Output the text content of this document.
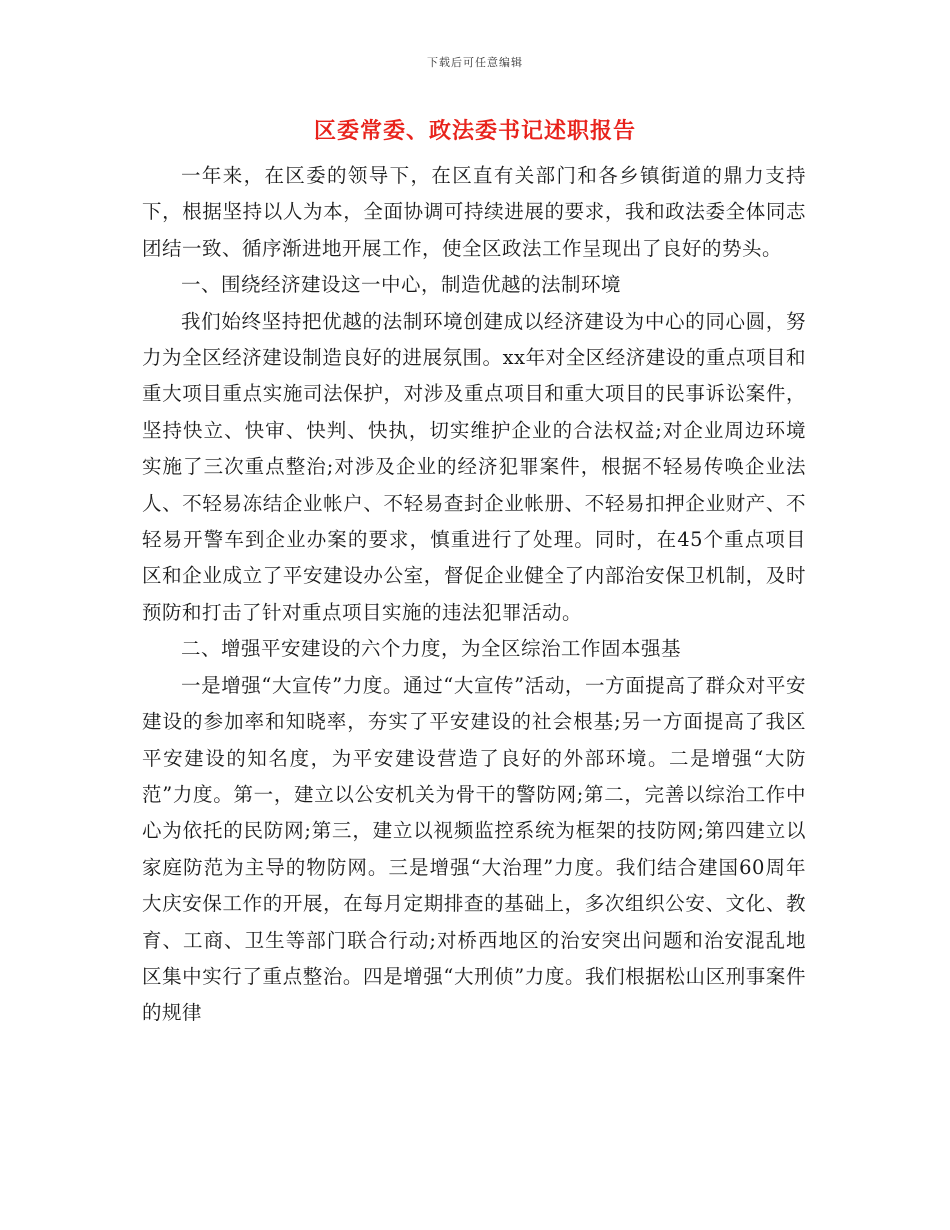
下载后可任意编辑
区委常委、政法委书记述职报告

一年来，在区委的领导下，在区直有关部门和各乡镇街道的鼎力支持下，根据坚持以人为本，全面协调可持续进展的要求，我和政法委全体同志团结一致、循序渐进地开展工作，使全区政法工作呈现出了良好的势头。

一、围绕经济建设这一中心，制造优越的法制环境

我们始终坚持把优越的法制环境创建成以经济建设为中心的同心圆，努力为全区经济建设制造良好的进展氛围。xx年对全区经济建设的重点项目和重大项目重点实施司法保护，对涉及重点项目和重大项目的民事诉讼案件，坚持快立、快审、快判、快执，切实维护企业的合法权益;对企业周边环境实施了三次重点整治;对涉及企业的经济犯罪案件，根据不轻易传唤企业法人、不轻易冻结企业帐户、不轻易查封企业帐册、不轻易扣押企业财产、不轻易开警车到企业办案的要求，慎重进行了处理。同时，在45个重点项目区和企业成立了平安建设办公室，督促企业健全了内部治安保卫机制，及时预防和打击了针对重点项目实施的违法犯罪活动。

二、增强平安建设的六个力度，为全区综治工作固本强基

一是增强“大宣传”力度。通过“大宣传”活动，一方面提高了群众对平安建设的参加率和知晓率，夯实了平安建设的社会根基;另一方面提高了我区平安建设的知名度，为平安建设营造了良好的外部环境。二是增强“大防范”力度。第一，建立以公安机关为骨干的警防网;第二，完善以综治工作中心为依托的民防网;第三，建立以视频监控系统为框架的技防网;第四建立以家庭防范为主导的物防网。三是增强“大治理”力度。我们结合建国60周年大庆安保工作的开展，在每月定期排查的基础上，多次组织公安、文化、教育、工商、卫生等部门联合行动;对桥西地区的治安突出问题和治安混乱地区集中实行了重点整治。四是增强“大刑侦”力度。我们根据松山区刑事案件的规律
